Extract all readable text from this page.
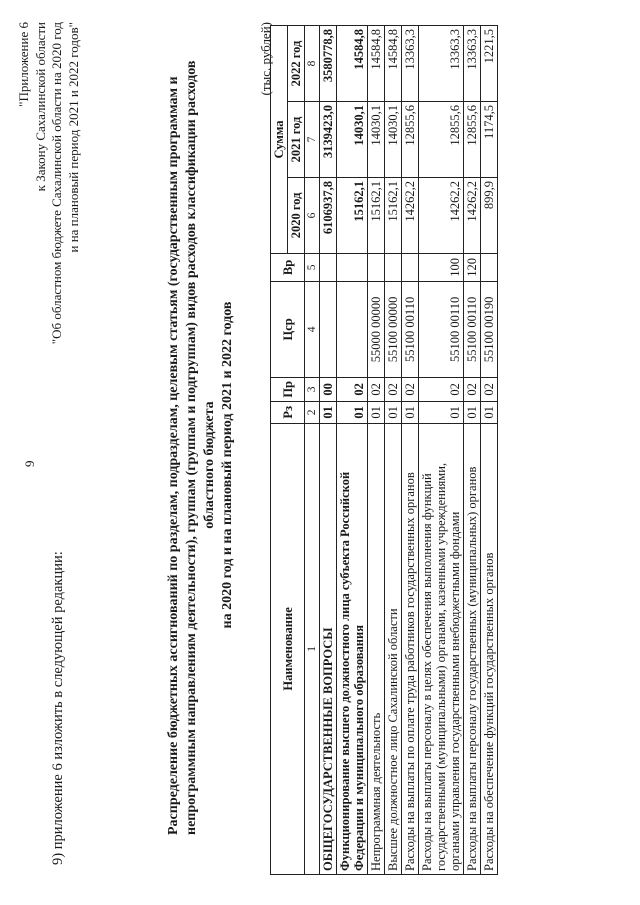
9
9) приложение 6 изложить в следующей редакции:
"Приложение 6 к Закону Сахалинской области "Об областном бюджете Сахалинской области на 2020 год и на плановый период 2021 и 2022 годов"	Распределение бюджетных ассигнований по разделам, подразделам, целевым статьям (государственным программам и непрограммным направлениям деятельности), группам (группам и подгруппам) видов расходов классификации расходов областного бюджета на 2020 год и на плановый период 2021 и 2022 годов
(тыс. рублей)
Наименование	Рз	Пр	Цср	Вр	Сумма		
					2020 год	2021 год	2022 год
1	2	3	4	5	6	7	8
ОБЩЕГОСУДАРСТВЕННЫЕ ВОПРОСЫ	01	00			6106937,8	3139423,0	3580778,8
Функционирование высшего должностного лица субъекта Российской Федерации и муниципального образования	01	02			15162,1	14030,1	14584,8
Непрограммная деятельность	01	02	55000 00000		15162,1	14030,1	14584,8
Высшее должностное лицо Сахалинской области	01	02	55100 00000		15162,1	14030,1	14584,8
Расходы на выплаты по оплате труда работников государственных органов	01	02	55100 00110		14262,2	12855,6	13363,3
Расходы на выплаты персоналу в целях обеспечения выполнения функций государственными (муниципальными) органами, казенными учреждениями, органами управления государственными внебюджетными фондами	01	02	55100 00110	100	14262,2	12855,6	13363,3
Расходы на выплаты персоналу государственных (муниципальных) органов	01	02	55100 00110	120	14262,2	12855,6	13363,3
Расходы на обеспечение функций государственных органов	01	02	55100 00190		899,9	1174,5	1221,5
